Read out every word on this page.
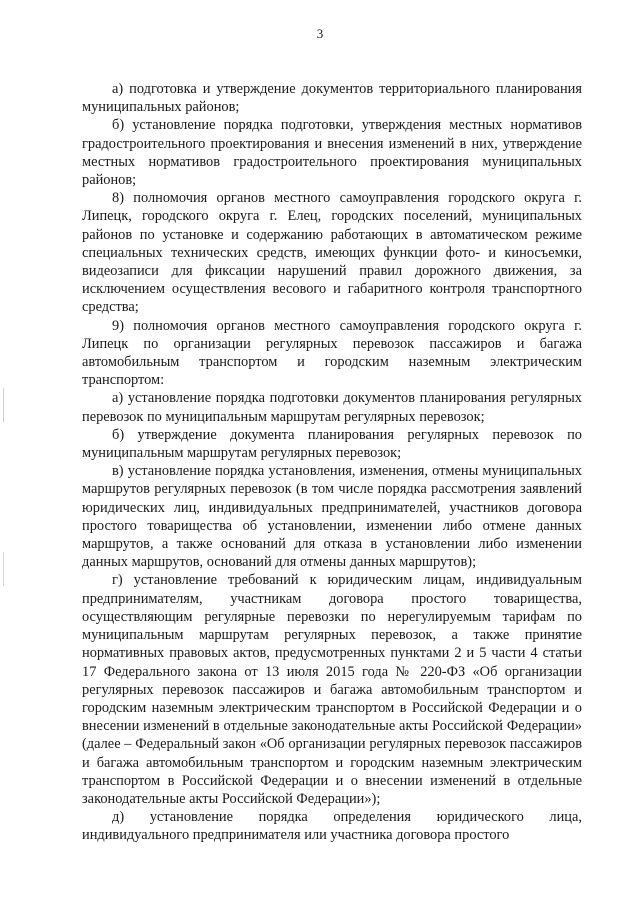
3

а) подготовка и утверждение документов территориального планирования муниципальных районов;

б) установление порядка подготовки, утверждения местных нормативов градостроительного проектирования и внесения изменений в них, утверждение местных нормативов градостроительного проектирования муниципальных районов;

8) полномочия органов местного самоуправления городского округа г. Липецк, городского округа г. Елец, городских поселений, муниципальных районов по установке и содержанию работающих в автоматическом режиме специальных технических средств, имеющих функции фото- и киносъемки, видеозаписи для фиксации нарушений правил дорожного движения, за исключением осуществления весового и габаритного контроля транспортного средства;

9) полномочия органов местного самоуправления городского округа г. Липецк по организации регулярных перевозок пассажиров и багажа автомобильным транспортом и городским наземным электрическим транспортом:

а) установление порядка подготовки документов планирования регулярных перевозок по муниципальным маршрутам регулярных перевозок;

б) утверждение документа планирования регулярных перевозок по муниципальным маршрутам регулярных перевозок;

в) установление порядка установления, изменения, отмены муниципальных маршрутов регулярных перевозок (в том числе порядка рассмотрения заявлений юридических лиц, индивидуальных предпринимателей, участников договора простого товарищества об установлении, изменении либо отмене данных маршрутов, а также оснований для отказа в установлении либо изменении данных маршрутов, оснований для отмены данных маршрутов);

г) установление требований к юридическим лицам, индивидуальным предпринимателям, участникам договора простого товарищества, осуществляющим регулярные перевозки по нерегулируемым тарифам по муниципальным маршрутам регулярных перевозок, а также принятие нормативных правовых актов, предусмотренных пунктами 2 и 5 части 4 статьи 17 Федерального закона от 13 июля 2015 года № 220-ФЗ «Об организации регулярных перевозок пассажиров и багажа автомобильным транспортом и городским наземным электрическим транспортом в Российской Федерации и о внесении изменений в отдельные законодательные акты Российской Федерации» (далее – Федеральный закон «Об организации регулярных перевозок пассажиров и багажа автомобильным транспортом и городским наземным электрическим транспортом в Российской Федерации и о внесении изменений в отдельные законодательные акты Российской Федерации»);

д) установление порядка определения юридического лица, индивидуального предпринимателя или участника договора простого
